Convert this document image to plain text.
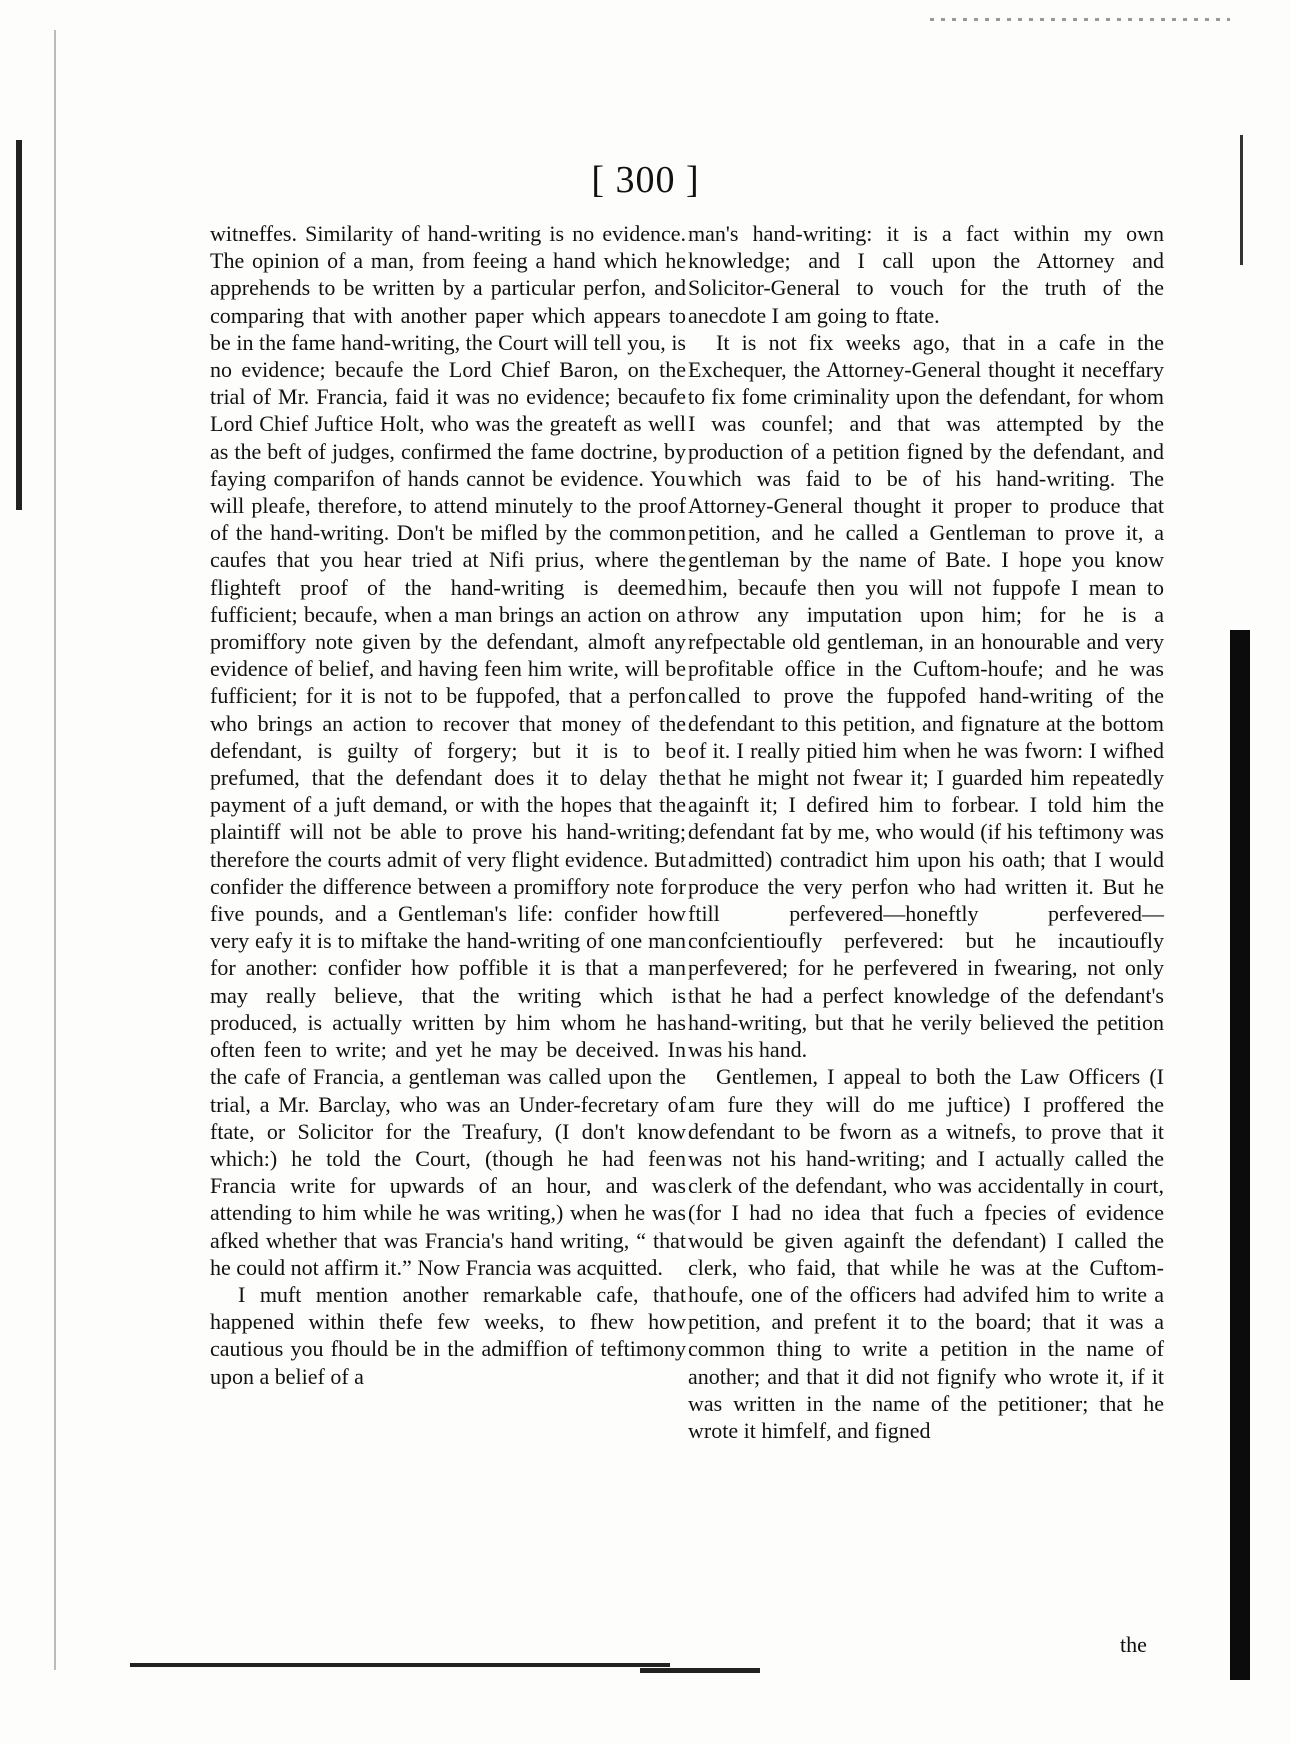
[ 300 ]

witneffes. Similarity of hand-writing is no evidence. The opinion of a man, from feeing a hand which he apprehends to be written by a particular perfon, and comparing that with another paper which appears to be in the fame hand-writing, the Court will tell you, is no evidence; becaufe the Lord Chief Baron, on the trial of Mr. Francia, faid it was no evidence; becaufe Lord Chief Juftice Holt, who was the greateft as well as the beft of judges, confirmed the fame doctrine, by faying comparifon of hands cannot be evidence. You will pleafe, therefore, to attend minutely to the proof of the hand-writing. Don't be mifled by the common caufes that you hear tried at Nifi prius, where the flighteft proof of the hand-writing is deemed fufficient; becaufe, when a man brings an action on a promiffory note given by the defendant, almoft any evidence of belief, and having feen him write, will be fufficient; for it is not to be fuppofed, that a perfon who brings an action to recover that money of the defendant, is guilty of forgery; but it is to be prefumed, that the defendant does it to delay the payment of a juft demand, or with the hopes that the plaintiff will not be able to prove his hand-writing; therefore the courts admit of very flight evidence. But confider the difference between a promiffory note for five pounds, and a Gentleman's life: confider how very eafy it is to miftake the hand-writing of one man for another: confider how poffible it is that a man may really believe, that the writing which is produced, is actually written by him whom he has often feen to write; and yet he may be deceived. In the cafe of Francia, a gentleman was called upon the trial, a Mr. Barclay, who was an Under-fecretary of ftate, or Solicitor for the Treafury, (I don't know which:) he told the Court, (though he had feen Francia write for upwards of an hour, and was attending to him while he was writing,) when he was afked whether that was Francia's hand writing, “ that he could not affirm it.” Now Francia was acquitted.

I muft mention another remarkable cafe, that happened within thefe few weeks, to fhew how cautious you fhould be in the admiffion of teftimony upon a belief of a

man's hand-writing: it is a fact within my own knowledge; and I call upon the Attorney and Solicitor-General to vouch for the truth of the anecdote I am going to ftate.

It is not fix weeks ago, that in a cafe in the Exchequer, the Attorney-General thought it neceffary to fix fome criminality upon the defendant, for whom I was counfel; and that was attempted by the production of a petition figned by the defendant, and which was faid to be of his hand-writing. The Attorney-General thought it proper to produce that petition, and he called a Gentleman to prove it, a gentleman by the name of Bate. I hope you know him, becaufe then you will not fuppofe I mean to throw any imputation upon him; for he is a refpectable old gentleman, in an honourable and very profitable office in the Cuftom-houfe; and he was called to prove the fuppofed hand-writing of the defendant to this petition, and fignature at the bottom of it. I really pitied him when he was fworn: I wifhed that he might not fwear it; I guarded him repeatedly againft it; I defired him to forbear. I told him the defendant fat by me, who would (if his teftimony was admitted) contradict him upon his oath; that I would produce the very perfon who had written it. But he ftill perfevered—honeftly perfevered—confcientioufly perfevered: but he incautioufly perfevered; for he perfevered in fwearing, not only that he had a perfect knowledge of the defendant's hand-writing, but that he verily believed the petition was his hand.

Gentlemen, I appeal to both the Law Officers (I am fure they will do me juftice) I proffered the defendant to be fworn as a witnefs, to prove that it was not his hand-writing; and I actually called the clerk of the defendant, who was accidentally in court, (for I had no idea that fuch a fpecies of evidence would be given againft the defendant) I called the clerk, who faid, that while he was at the Cuftom-houfe, one of the officers had advifed him to write a petition, and prefent it to the board; that it was a common thing to write a petition in the name of another; and that it did not fignify who wrote it, if it was written in the name of the petitioner; that he wrote it himfelf, and figned

the
